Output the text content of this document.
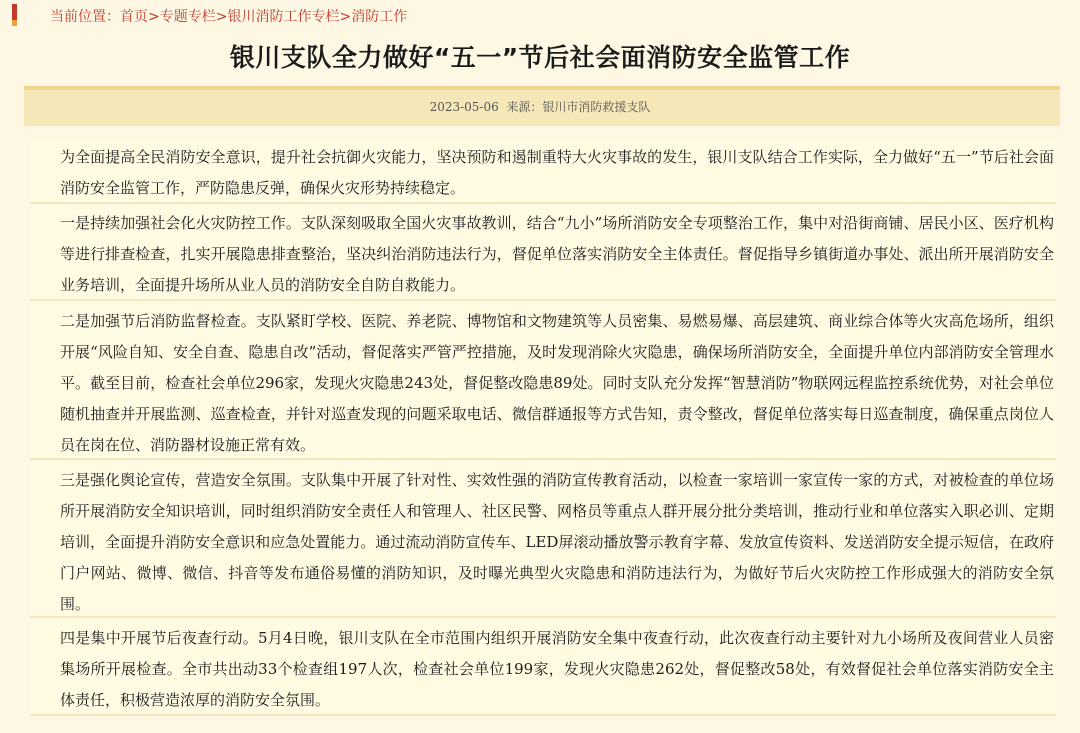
当前位置：首页>专题专栏>银川消防工作专栏>消防工作
银川支队全力做好“五一”节后社会面消防安全监管工作
2023-05-06 来源：银川市消防救援支队
为全面提高全民消防安全意识，提升社会抗御火灾能力，坚决预防和遏制重特大火灾事故的发生，银川支队结合工作实际，全力做好“五一”节后社会面消防安全监管工作，严防隐患反弹，确保火灾形势持续稳定。
一是持续加强社会化火灾防控工作。支队深刻吸取全国火灾事故教训，结合“九小”场所消防安全专项整治工作，集中对沿街商铺、居民小区、医疗机构等进行排查检查，扎实开展隐患排查整治，坚决纠治消防违法行为，督促单位落实消防安全主体责任。督促指导乡镇街道办事处、派出所开展消防安全业务培训，全面提升场所从业人员的消防安全自防自救能力。
二是加强节后消防监督检查。支队紧盯学校、医院、养老院、博物馆和文物建筑等人员密集、易燃易爆、高层建筑、商业综合体等火灾高危场所，组织开展“风险自知、安全自查、隐患自改”活动，督促落实严管严控措施，及时发现消除火灾隐患，确保场所消防安全，全面提升单位内部消防安全管理水平。截至目前，检查社会单位296家，发现火灾隐患243处，督促整改隐患89处。同时支队充分发挥“智慧消防”物联网远程监控系统优势，对社会单位随机抽查并开展监测、巡查检查，并针对巡查发现的问题采取电话、微信群通报等方式告知，责令整改，督促单位落实每日巡查制度，确保重点岗位人员在岗在位、消防器材设施正常有效。
三是强化舆论宣传，营造安全氛围。支队集中开展了针对性、实效性强的消防宣传教育活动，以检查一家培训一家宣传一家的方式，对被检查的单位场所开展消防安全知识培训，同时组织消防安全责任人和管理人、社区民警、网格员等重点人群开展分批分类培训，推动行业和单位落实入职必训、定期培训，全面提升消防安全意识和应急处置能力。通过流动消防宣传车、LED屏滚动播放警示教育字幕、发放宣传资料、发送消防安全提示短信，在政府门户网站、微博、微信、抖音等发布通俗易懂的消防知识，及时曝光典型火灾隐患和消防违法行为，为做好节后火灾防控工作形成强大的消防安全氛围。
四是集中开展节后夜查行动。5月4日晚，银川支队在全市范围内组织开展消防安全集中夜查行动，此次夜查行动主要针对九小场所及夜间营业人员密集场所开展检查。全市共出动33个检查组197人次，检查社会单位199家，发现火灾隐患262处，督促整改58处，有效督促社会单位落实消防安全主体责任，积极营造浓厚的消防安全氛围。
